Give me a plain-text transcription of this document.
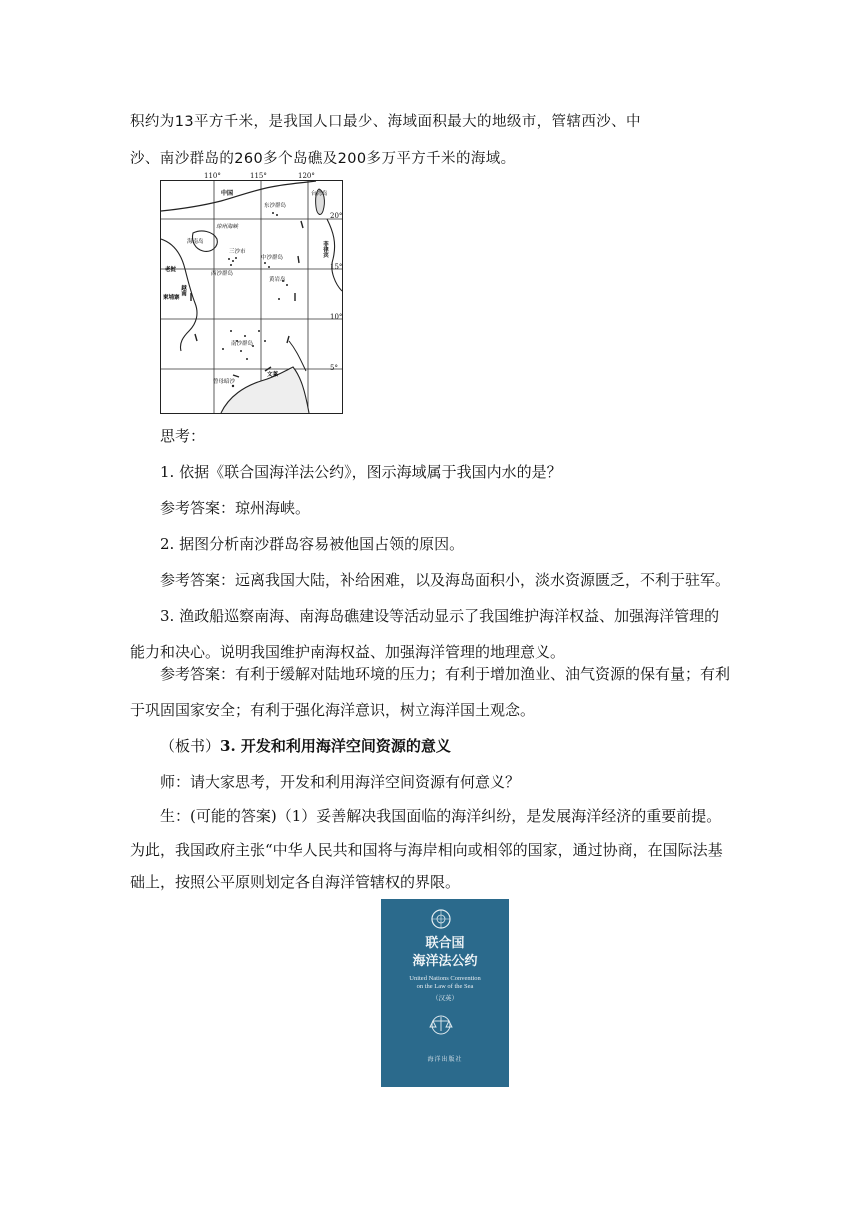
积约为13平方千米，是我国人口最少、海域面积最大的地级市，管辖西沙、中
沙、南沙群岛的260多个岛礁及200多万平方千米的海域。
中国	台湾岛
东沙群岛
琼州海峡
海南岛
三沙市
西沙群岛
中沙群岛
黄岩岛
菲律宾
老挝
柬埔寨
越南
南沙群岛
文莱
曾母暗沙
110°	115°	120°
20°
15°
10°
5°
思考：
1. 依据《联合国海洋法公约》，图示海域属于我国内水的是？
参考答案：琼州海峡。
2. 据图分析南沙群岛容易被他国占领的原因。
参考答案：远离我国大陆，补给困难，以及海岛面积小，淡水资源匮乏，不利于驻军。
3. 渔政船巡察南海、南海岛礁建设等活动显示了我国维护海洋权益、加强海洋管理的
能力和决心。说明我国维护南海权益、加强海洋管理的地理意义。
参考答案：有利于缓解对陆地环境的压力；有利于增加渔业、油气资源的保有量；有利
于巩固国家安全；有利于强化海洋意识，树立海洋国土观念。
（板书）3. 开发和利用海洋空间资源的意义
师：请大家思考，开发和利用海洋空间资源有何意义？
生：(可能的答案)（1）妥善解决我国面临的海洋纠纷，是发展海洋经济的重要前提。
为此，我国政府主张“中华人民共和国将与海岸相向或相邻的国家，通过协商，在国际法基
础上，按照公平原则划定各自海洋管辖权的界限。
联合国
海洋法公约
United Nations Convention
on the Law of the Sea
（汉英）
海洋出版社
